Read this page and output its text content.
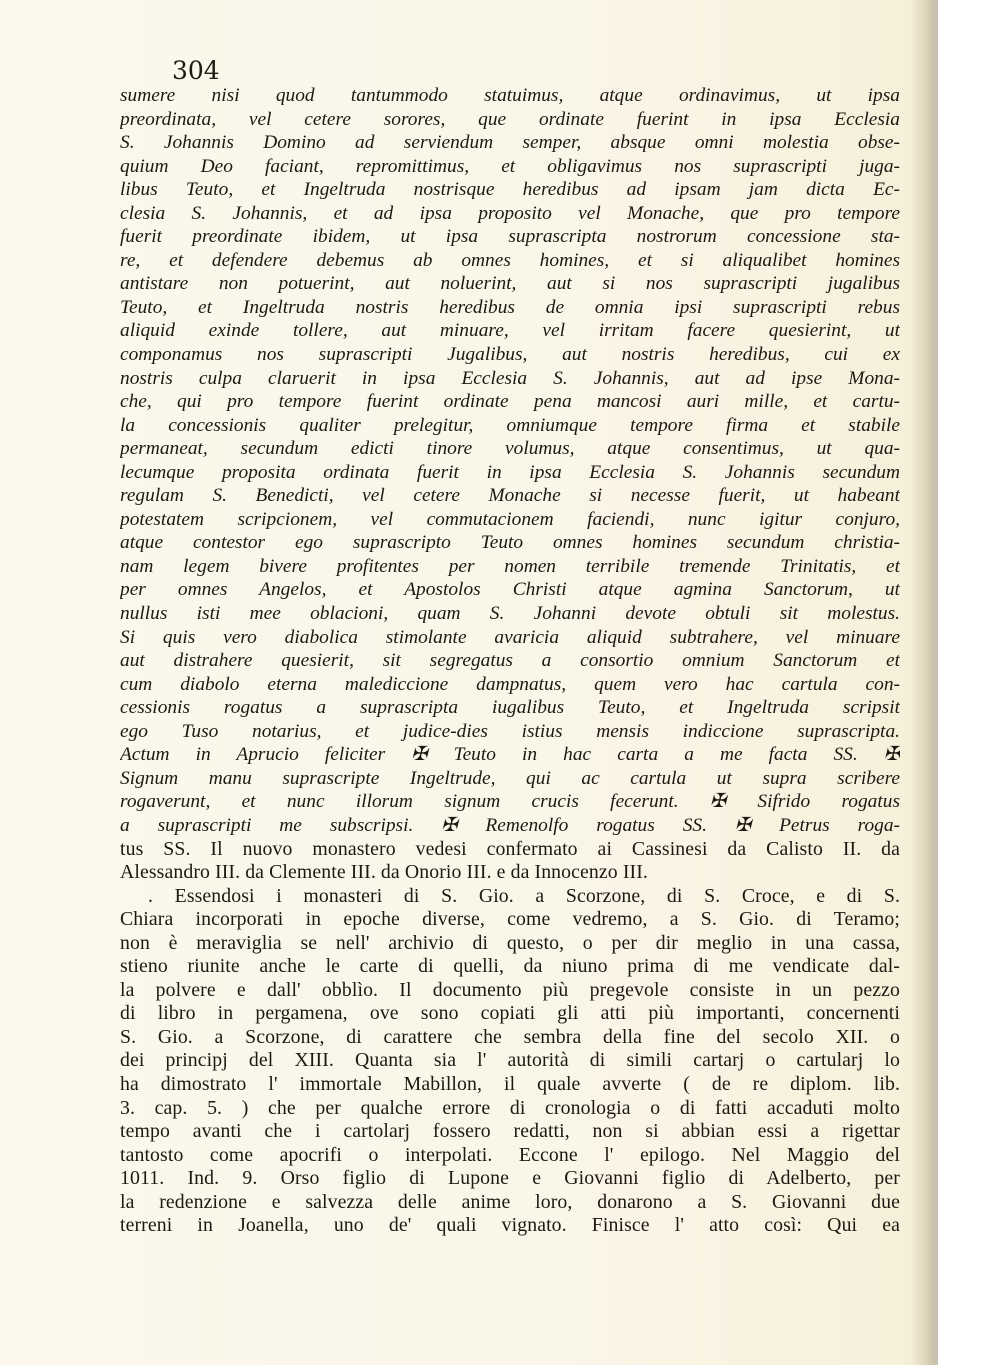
304
sumere nisi quod tantummodo statuimus, atque ordinavimus, ut ipsa
preordinata, vel cetere sorores, que ordinate fuerint in ipsa Ecclesia
S. Johannis Domino ad serviendum semper, absque omni molestia obse-
quium Deo faciant, repromittimus, et obligavimus nos suprascripti juga-
libus Teuto, et Ingeltruda nostrisque heredibus ad ipsam jam dicta Ec-
clesia S. Johannis, et ad ipsa proposito vel Monache, que pro tempore
fuerit preordinate ibidem, ut ipsa suprascripta nostrorum concessione sta-
re, et defendere debemus ab omnes homines, et si aliqualibet homines
antistare non potuerint, aut noluerint, aut si nos suprascripti jugalibus
Teuto, et Ingeltruda nostris heredibus de omnia ipsi suprascripti rebus
aliquid exinde tollere, aut minuare, vel irritam facere quesierint, ut
componamus nos suprascripti Jugalibus, aut nostris heredibus, cui ex
nostris culpa claruerit in ipsa Ecclesia S. Johannis, aut ad ipse Mona-
che, qui pro tempore fuerint ordinate pena mancosi auri mille, et cartu-
la concessionis qualiter prelegitur, omniumque tempore firma et stabile
permaneat, secundum edicti tinore volumus, atque consentimus, ut qua-
lecumque proposita ordinata fuerit in ipsa Ecclesia S. Johannis secundum
regulam S. Benedicti, vel cetere Monache si necesse fuerit, ut habeant
potestatem scripcionem, vel commutacionem faciendi, nunc igitur conjuro,
atque contestor ego suprascripto Teuto omnes homines secundum christia-
nam legem bivere profitentes per nomen terribile tremende Trinitatis, et
per omnes Angelos, et Apostolos Christi atque agmina Sanctorum, ut
nullus isti mee oblacioni, quam S. Johanni devote obtuli sit molestus.
Si quis vero diabolica stimolante avaricia aliquid subtrahere, vel minuare
aut distrahere quesierit, sit segregatus a consortio omnium Sanctorum et
cum diabolo eterna malediccione dampnatus, quem vero hac cartula con-
cessionis rogatus a suprascripta iugalibus Teuto, et Ingeltruda scripsit
ego Tuso notarius, et judice-dies istius mensis indiccione suprascripta.
Actum in Aprucio feliciter ✠ Teuto in hac carta a me facta SS. ✠
Signum manu suprascripte Ingeltrude, qui ac cartula ut supra scribere
rogaverunt, et nunc illorum signum crucis fecerunt. ✠ Sifrido rogatus
a suprascripti me subscripsi. ✠ Remenolfo rogatus SS. ✠ Petrus roga-
tus SS. Il nuovo monastero vedesi confermato ai Cassinesi da Calisto II. da
Alessandro III. da Clemente III. da Onorio III. e da Innocenzo III.
. Essendosi i monasteri di S. Gio. a Scorzone, di S. Croce, e di S.
Chiara incorporati in epoche diverse, come vedremo, a S. Gio. di Teramo;
non è meraviglia se nell' archivio di questo, o per dir meglio in una cassa,
stieno riunite anche le carte di quelli, da niuno prima di me vendicate dal-
la polvere e dall' obblìo. Il documento più pregevole consiste in un pezzo
di libro in pergamena, ove sono copiati gli atti più importanti, concernenti
S. Gio. a Scorzone, di carattere che sembra della fine del secolo XII. o
dei principj del XIII. Quanta sia l' autorità di simili cartarj o cartularj lo
ha dimostrato l' immortale Mabillon, il quale avverte ( de re diplom. lib.
3. cap. 5. ) che per qualche errore di cronologia o di fatti accaduti molto
tempo avanti che i cartolarj fossero redatti, non si abbian essi a rigettar
tantosto come apocrifi o interpolati. Eccone l' epilogo. Nel Maggio del
1011. Ind. 9. Orso figlio di Lupone e Giovanni figlio di Adelberto, per
la redenzione e salvezza delle anime loro, donarono a S. Giovanni due
terreni in Joanella, uno de' quali vignato. Finisce l' atto così: Qui ea
